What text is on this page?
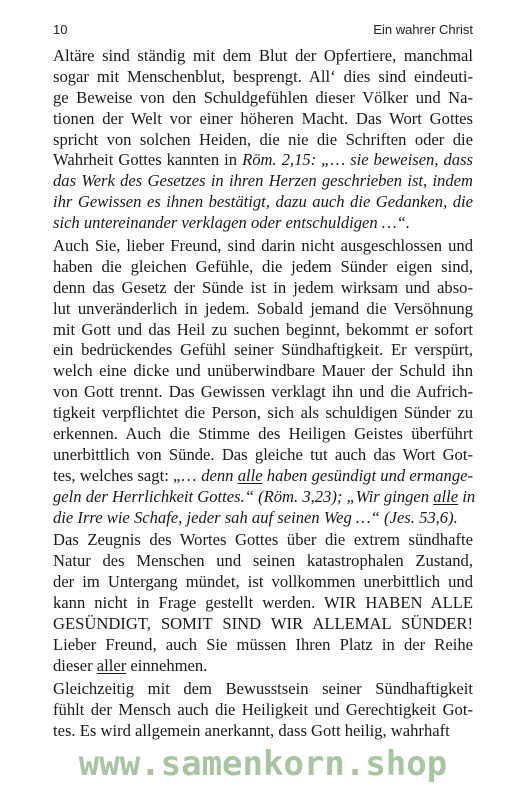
10	Ein wahrer Christ
Altäre sind ständig mit dem Blut der Opfertiere, manchmal
sogar mit Menschenblut, besprengt. All‘ dies sind eindeuti-
ge Beweise von den Schuldgefühlen dieser Völker und Na-
tionen der Welt vor einer höheren Macht. Das Wort Gottes
spricht von solchen Heiden, die nie die Schriften oder die
Wahrheit Gottes kannten in Röm. 2,15: „… sie beweisen, dass
das Werk des Gesetzes in ihren Herzen geschrieben ist, indem
ihr Gewissen es ihnen bestätigt, dazu auch die Gedanken, die
sich untereinander verklagen oder entschuldigen …“.
Auch Sie, lieber Freund, sind darin nicht ausgeschlossen und
haben die gleichen Gefühle, die jedem Sünder eigen sind,
denn das Gesetz der Sünde ist in jedem wirksam und abso-
lut unveränderlich in jedem. Sobald jemand die Versöhnung
mit Gott und das Heil zu suchen beginnt, bekommt er sofort
ein bedrückendes Gefühl seiner Sündhaftigkeit. Er verspürt,
welch eine dicke und unüberwindbare Mauer der Schuld ihn
von Gott trennt. Das Gewissen verklagt ihn und die Aufrich-
tigkeit verpflichtet die Person, sich als schuldigen Sünder zu
erkennen. Auch die Stimme des Heiligen Geistes überführt
unerbittlich von Sünde. Das gleiche tut auch das Wort Got-
tes, welches sagt: „… denn alle haben gesündigt und ermange-
geln der Herrlichkeit Gottes.“ (Röm. 3,23); „Wir gingen alle in
die Irre wie Schafe, jeder sah auf seinen Weg …“ (Jes. 53,6).
Das Zeugnis des Wortes Gottes über die extrem sündhafte
Natur des Menschen und seinen katastrophalen Zustand,
der im Untergang mündet, ist vollkommen unerbittlich und
kann nicht in Frage gestellt werden. WIR HABEN ALLE
GESÜNDIGT, SOMIT SIND WIR ALLEMAL SÜNDER!
Lieber Freund, auch Sie müssen Ihren Platz in der Reihe
dieser aller einnehmen.
Gleichzeitig mit dem Bewusstsein seiner Sündhaftigkeit
fühlt der Mensch auch die Heiligkeit und Gerechtigkeit Got-
tes. Es wird allgemein anerkannt, dass Gott heilig, wahrhaft
www.samenkorn.shop
